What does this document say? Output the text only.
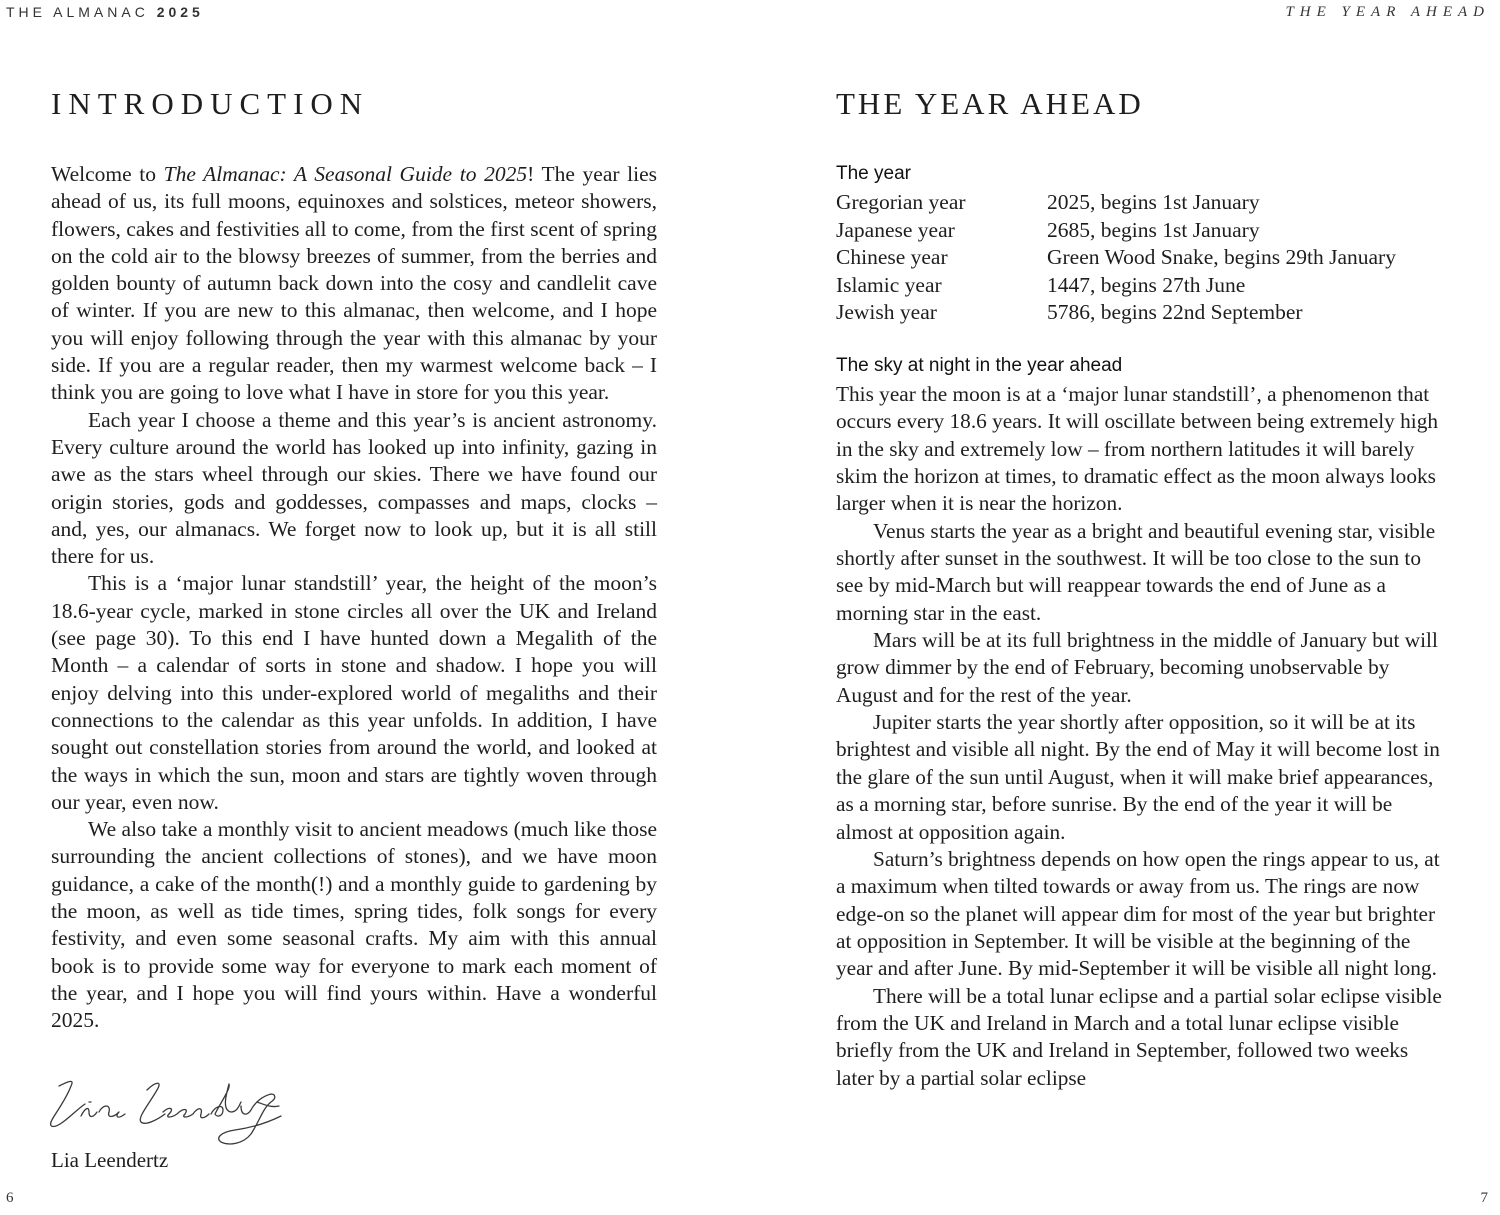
THE ALMANAC 2025	THE YEAR AHEAD
INTRODUCTION

Welcome to The Almanac: A Seasonal Guide to 2025! The year lies ahead of us, its full moons, equinoxes and solstices, meteor showers, flowers, cakes and festivities all to come, from the first scent of spring on the cold air to the blowsy breezes of summer, from the berries and golden bounty of autumn back down into the cosy and candlelit cave of winter. If you are new to this almanac, then welcome, and I hope you will enjoy following through the year with this almanac by your side. If you are a regular reader, then my warmest welcome back – I think you are going to love what I have in store for you this year.

Each year I choose a theme and this year’s is ancient astronomy. Every culture around the world has looked up into infinity, gazing in awe as the stars wheel through our skies. There we have found our origin stories, gods and goddesses, compasses and maps, clocks – and, yes, our almanacs. We forget now to look up, but it is all still there for us.

This is a ‘major lunar standstill’ year, the height of the moon’s 18.6-year cycle, marked in stone circles all over the UK and Ireland (see page 30). To this end I have hunted down a Megalith of the Month – a calendar of sorts in stone and shadow. I hope you will enjoy delving into this under-explored world of megaliths and their connections to the calendar as this year unfolds. In addition, I have sought out constellation stories from around the world, and looked at the ways in which the sun, moon and stars are tightly woven through our year, even now.

We also take a monthly visit to ancient meadows (much like those surrounding the ancient collections of stones), and we have moon guidance, a cake of the month(!) and a monthly guide to gardening by the moon, as well as tide times, spring tides, folk songs for every festivity, and even some seasonal crafts. My aim with this annual book is to provide some way for everyone to mark each moment of the year, and I hope you will find yours within. Have a wonderful 2025.

Lia Leendertz
6
THE YEAR AHEAD
The year
Gregorian year	2025, begins 1st January
Japanese year	2685, begins 1st January
Chinese year	Green Wood Snake, begins 29th January
Islamic year	1447, begins 27th June
Jewish year	5786, begins 22nd September
The sky at night in the year ahead

This year the moon is at a ‘major lunar standstill’, a phenomenon that occurs every 18.6 years. It will oscillate between being extremely high in the sky and extremely low – from northern latitudes it will barely skim the horizon at times, to dramatic effect as the moon always looks larger when it is near the horizon.

Venus starts the year as a bright and beautiful evening star, visible shortly after sunset in the southwest. It will be too close to the sun to see by mid-March but will reappear towards the end of June as a morning star in the east.

Mars will be at its full brightness in the middle of January but will grow dimmer by the end of February, becoming unobservable by August and for the rest of the year.

Jupiter starts the year shortly after opposition, so it will be at its brightest and visible all night. By the end of May it will become lost in the glare of the sun until August, when it will make brief appearances, as a morning star, before sunrise. By the end of the year it will be almost at opposition again.

Saturn’s brightness depends on how open the rings appear to us, at a maximum when tilted towards or away from us. The rings are now edge-on so the planet will appear dim for most of the year but brighter at opposition in September. It will be visible at the beginning of the year and after June. By mid-September it will be visible all night long.

There will be a total lunar eclipse and a partial solar eclipse visible from the UK and Ireland in March and a total lunar eclipse visible briefly from the UK and Ireland in September, followed two weeks later by a partial solar eclipse

7
